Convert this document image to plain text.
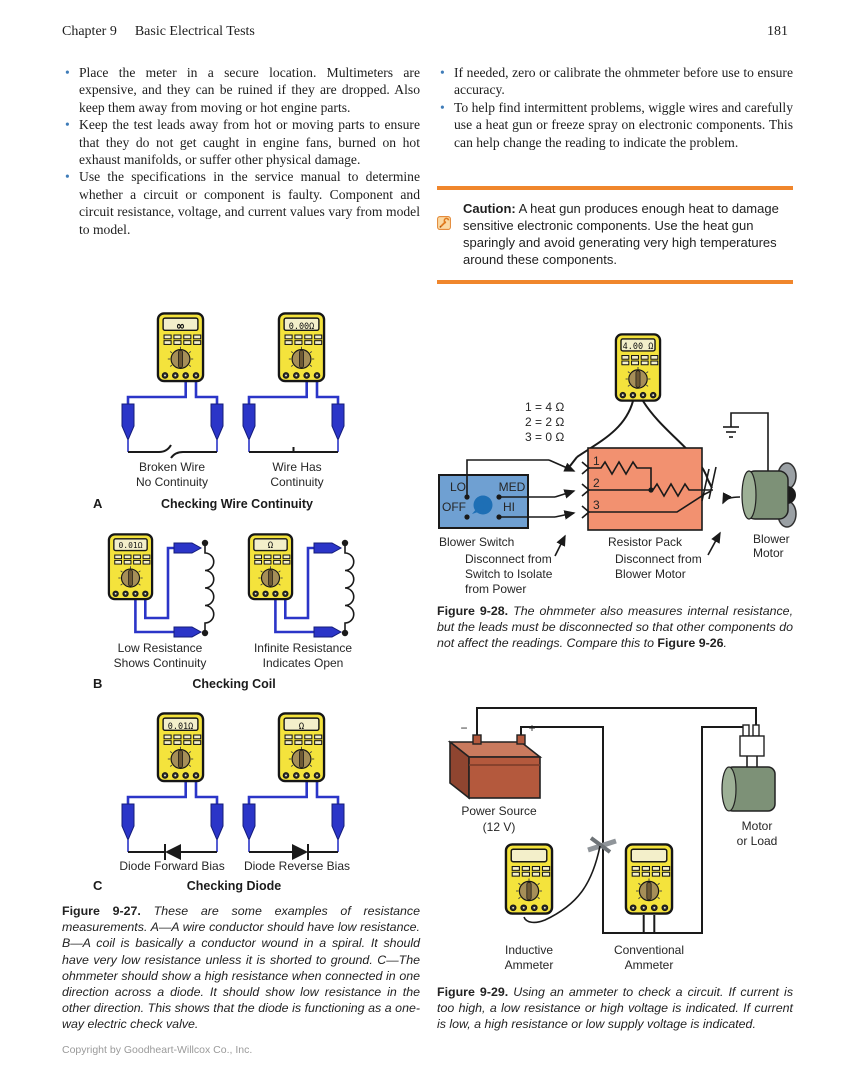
Chapter 9 Basic Electrical Tests	181
• Place the meter in a secure location. Multimeters are expensive, and they can be ruined if they are dropped. Also keep them away from moving or hot engine parts.
• Keep the test leads away from hot or moving parts to ensure that they do not get caught in engine fans, burned on hot exhaust manifolds, or suffer other physical damage.
• Use the specifications in the service manual to determine whether a circuit or component is faulty. Component and circuit resistance, voltage, and current values vary from model to model.
• If needed, zero or calibrate the ohmmeter before use to ensure accuracy.
• To help find intermittent problems, wiggle wires and carefully use a heat gun or freeze spray on electronic components. This can help change the reading to indicate the problem.
Caution: A heat gun produces enough heat to damage sensitive electronic components. Use the heat gun sparingly and avoid generating very high temperatures around these components.
∞	0.00Ω
Broken Wire
No Continuity
Wire Has
Continuity
A	Checking Wire Continuity
0.01Ω	Ω
Low Resistance
Shows Continuity
Infinite Resistance
Indicates Open
B	Checking Coil
0.01Ω	Ω
Diode Forward Bias Diode Reverse Bias
C	Checking Diode
Figure 9-27. These are some examples of resistance measurements. A—A wire conductor should have low resistance. B—A coil is basically a conductor wound in a spiral. It should have very low resistance unless it is shorted to ground. C—The ohmmeter should show a high resistance when connected in one direction across a diode. It should show low resistance in the other direction. This shows that the diode is functioning as a one-way electric check valve.
4.00 Ω
1 = 4 Ω
2 = 2 Ω
3 = 0 Ω
LO	MED
OFF	HI
1
2
3
Blower Switch	Resistor Pack	Blower
Motor
Disconnect from
Switch to Isolate
from Power
Disconnect from
Blower Motor
Figure 9-28. The ohmmeter also measures internal resistance, but the leads must be disconnected so that other components do not affect the readings. Compare this to Figure 9-26.
−	+
Power Source
(12 V)	Motor
or Load
Inductive
Ammeter
Conventional
Ammeter
Figure 9-29. Using an ammeter to check a circuit. If current is too high, a low resistance or high voltage is indicated. If current is low, a high resistance or low supply voltage is indicated.
Copyright by Goodheart-Willcox Co., Inc.
